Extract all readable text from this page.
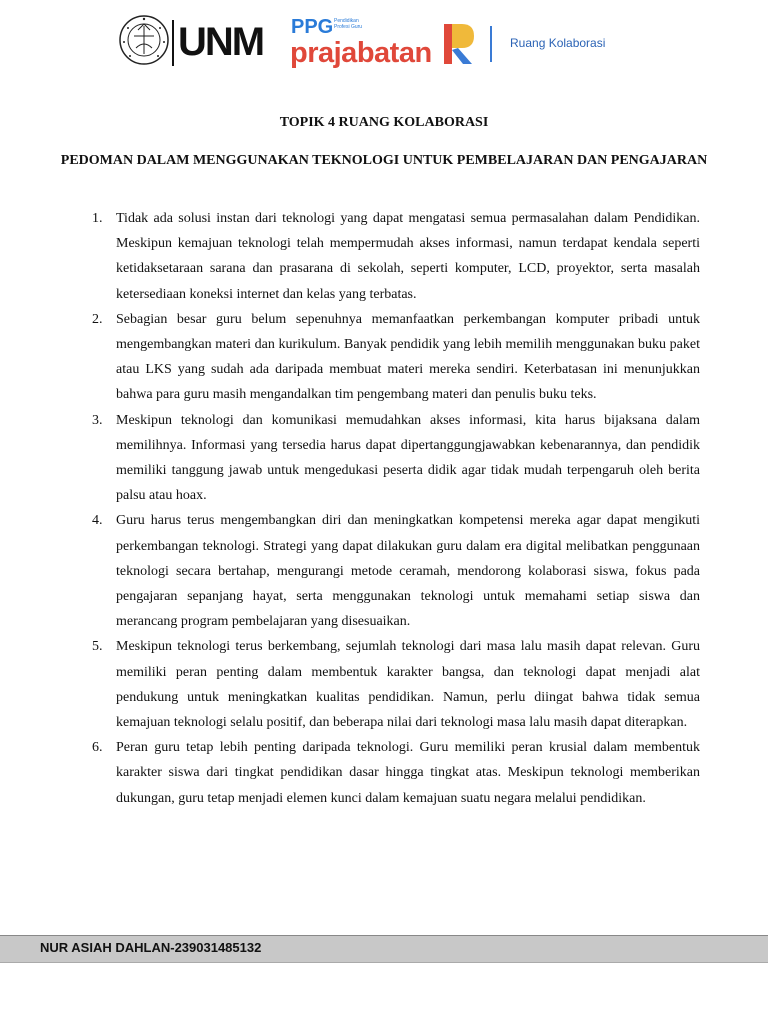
UNM PPG Pendidikan Profesi Guru
prajabatan	Ruang Kolaborasi
TOPIK 4 RUANG KOLABORASI
PEDOMAN DALAM MENGGUNAKAN TEKNOLOGI UNTUK PEMBELAJARAN DAN PENGAJARAN
1. Tidak ada solusi instan dari teknologi yang dapat mengatasi semua permasalahan dalam Pendidikan. Meskipun kemajuan teknologi telah mempermudah akses informasi, namun terdapat kendala seperti ketidaksetaraan sarana dan prasarana di sekolah, seperti komputer, LCD, proyektor, serta masalah ketersediaan koneksi internet dan kelas yang terbatas.
2. Sebagian besar guru belum sepenuhnya memanfaatkan perkembangan komputer pribadi untuk mengembangkan materi dan kurikulum. Banyak pendidik yang lebih memilih menggunakan buku paket atau LKS yang sudah ada daripada membuat materi mereka sendiri. Keterbatasan ini menunjukkan bahwa para guru masih mengandalkan tim pengembang materi dan penulis buku teks.
3. Meskipun teknologi dan komunikasi memudahkan akses informasi, kita harus bijaksana dalam memilihnya. Informasi yang tersedia harus dapat dipertanggungjawabkan kebenarannya, dan pendidik memiliki tanggung jawab untuk mengedukasi peserta didik agar tidak mudah terpengaruh oleh berita palsu atau hoax.
4. Guru harus terus mengembangkan diri dan meningkatkan kompetensi mereka agar dapat mengikuti perkembangan teknologi. Strategi yang dapat dilakukan guru dalam era digital melibatkan penggunaan teknologi secara bertahap, mengurangi metode ceramah, mendorong kolaborasi siswa, fokus pada pengajaran sepanjang hayat, serta menggunakan teknologi untuk memahami setiap siswa dan merancang program pembelajaran yang disesuaikan.
5. Meskipun teknologi terus berkembang, sejumlah teknologi dari masa lalu masih dapat relevan. Guru memiliki peran penting dalam membentuk karakter bangsa, dan teknologi dapat menjadi alat pendukung untuk meningkatkan kualitas pendidikan. Namun, perlu diingat bahwa tidak semua kemajuan teknologi selalu positif, dan beberapa nilai dari teknologi masa lalu masih dapat diterapkan.
6. Peran guru tetap lebih penting daripada teknologi. Guru memiliki peran krusial dalam membentuk karakter siswa dari tingkat pendidikan dasar hingga tingkat atas. Meskipun teknologi memberikan dukungan, guru tetap menjadi elemen kunci dalam kemajuan suatu negara melalui pendidikan.
NUR ASIAH DAHLAN-239031485132
